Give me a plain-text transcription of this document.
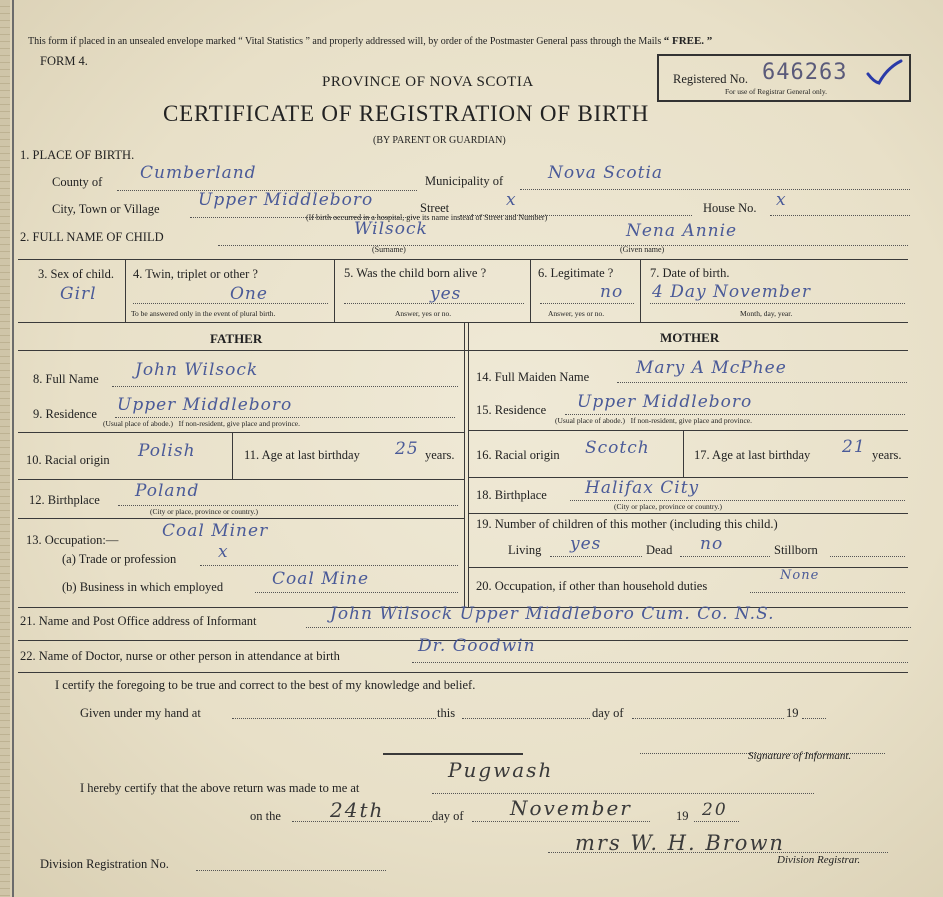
This form if placed in an unsealed envelope marked “ Vital Statistics ” and properly addressed will, by order of the Postmaster General pass through the Mails “ FREE. ”
FORM 4.
PROVINCE OF NOVA SCOTIA
CERTIFICATE OF REGISTRATION OF BIRTH
(BY PARENT OR GUARDIAN)
Registered No. 646263
For use of Registrar General only.
1. PLACE OF BIRTH.
County of Cumberland	Municipality of	Nova Scotia
City, Town or Village Upper Middleboro	Street	x	House No. x
(If birth occurred in a hospital, give its name instead of Street and Number)
2. FULL NAME OF CHILD	Wilsock	Nena Annie
(Surname)	(Given name)
3. Sex of child.
Girl
4. Twin, triplet or other ?
One
To be answered only in the event of plural birth.
5. Was the child born alive ?
yes
Answer, yes or no.
6. Legitimate ?
no
Answer, yes or no.
7. Date of birth.
4 Day November
Month, day, year.
FATHER	MOTHER
8. Full Name John Wilsock
9. Residence Upper Middleboro
(Usual place of abode.) If non-resident, give place and province.
10. Racial origin Polish	11. Age at last birthday 25 years.
12. Birthplace Poland
(City or place, province or country.)
13. Occupation:—	Coal Miner
(a) Trade or profession x
(b) Business in which employed	Coal Mine
14. Full Maiden Name	Mary A McPhee
15. Residence Upper Middleboro
(Usual place of abode.) If non-resident, give place and province.
16. Racial origin Scotch	17. Age at last birthday 21 years.
18. Birthplace Halifax City
(City or place, province or country.)
19. Number of children of this mother (including this child.)
Living yes	Dead no	Stillborn
20. Occupation, if other than household duties
None
21. Name and Post Office address of Informant	John Wilsock Upper Middleboro Cum. Co. N.S.
22. Name of Doctor, nurse or other person in attendance at birth	Dr. Goodwin
I certify the foregoing to be true and correct to the best of my knowledge and belief.
Given under my hand at	this	day of	19
Signature of Informant.
I hereby certify that the above return was made to me at
Pugwash
on the 24th	day of November	19 20
mrs W. H. Brown
Division Registrar.
Division Registration No.
